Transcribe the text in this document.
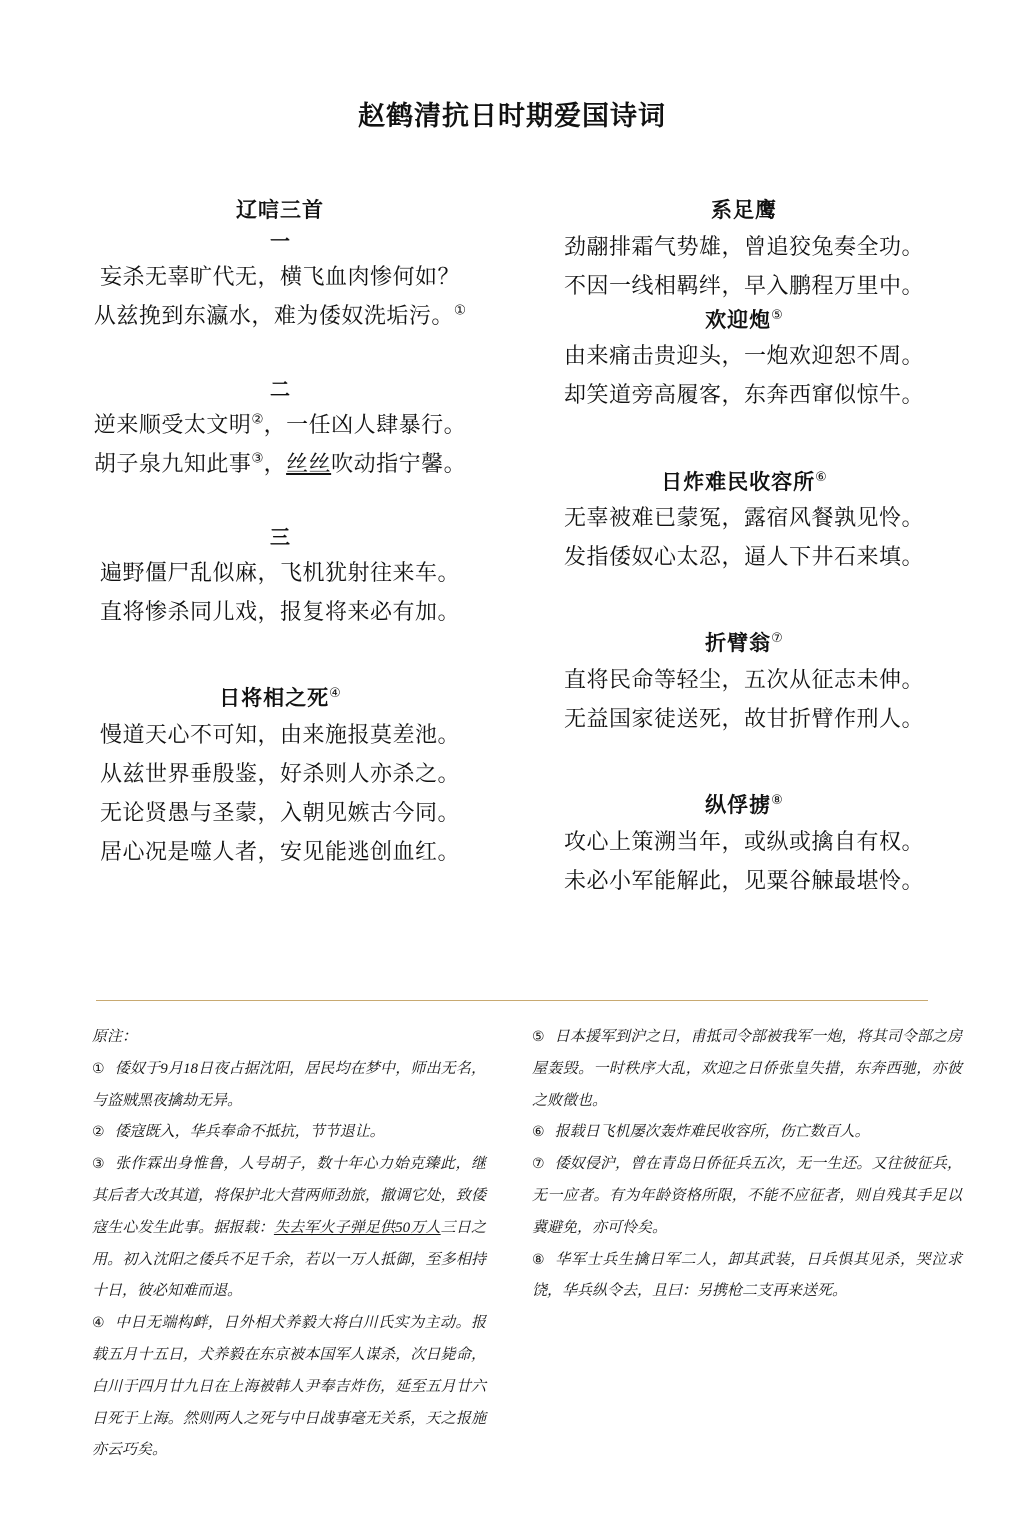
赵鹤清抗日时期爱国诗词
辽唁三首
一
妄杀无辜旷代无，横飞血肉惨何如？
从兹挽到东瀛水，难为倭奴洗垢污。①
二
逆来顺受太文明②，一任凶人肆暴行。
胡子泉九知此事③，丝丝吹动指宁馨。
三
遍野僵尸乱似麻，飞机犹射往来车。
直将惨杀同儿戏，报复将来必有加。
日将相之死④
慢道天心不可知，由来施报莫差池。
从兹世界垂殷鉴，好杀则人亦杀之。
无论贤愚与圣蒙，入朝见嫉古今同。
居心况是噬人者，安见能逃创血红。
系足鹰
劲翮排霜气势雄，曾追狡兔奏全功。
不因一线相羁绊，早入鹏程万里中。
欢迎炮⑤
由来痛击贵迎头，一炮欢迎恕不周。
却笑道旁高履客，东奔西窜似惊牛。
日炸难民收容所⑥
无辜被难已蒙冤，露宿风餐孰见怜。
发指倭奴心太忍，逼人下井石来填。
折臂翁⑦
直将民命等轻尘，五次从征志未伸。
无益国家徒送死，故甘折臂作刑人。
纵俘掳⑧
攻心上策溯当年，或纵或擒自有权。
未必小军能解此，见粟谷觫最堪怜。
原注：
① 倭奴于9月18日夜占据沈阳，居民均在梦中，师出无名，与盗贼黑夜擒劫无异。
② 倭寇既入，华兵奉命不抵抗，节节退让。
③ 张作霖出身惟鲁，人号胡子，数十年心力始克臻此，继其后者大改其道，将保护北大营两师劲旅，撤调它处，致倭寇生心发生此事。据报载：失去军火子弹足供50万人三日之用。初入沈阳之倭兵不足千余，若以一万人抵御，至多相持十日，彼必知难而退。
④ 中日无端构衅，日外相犬养毅大将白川氏实为主动。报载五月十五日，犬养毅在东京被本国军人谋杀，次日毙命，白川于四月廿九日在上海被韩人尹奉吉炸伤，延至五月廿六日死于上海。然则两人之死与中日战事毫无关系，天之报施亦云巧矣。
⑤ 日本援军到沪之日，甫抵司令部被我军一炮，将其司令部之房屋轰毁。一时秩序大乱，欢迎之日侨张皇失措，东奔西驰，亦彼之败徵也。
⑥ 报载日飞机屡次轰炸难民收容所，伤亡数百人。
⑦ 倭奴侵沪，曾在青岛日侨征兵五次，无一生还。又往彼征兵，无一应者。有为年龄资格所限，不能不应征者，则自残其手足以冀避免，亦可怜矣。
⑧ 华军士兵生擒日军二人，卸其武装，日兵惧其见杀，哭泣求饶，华兵纵令去，且曰：另携枪二支再来送死。
